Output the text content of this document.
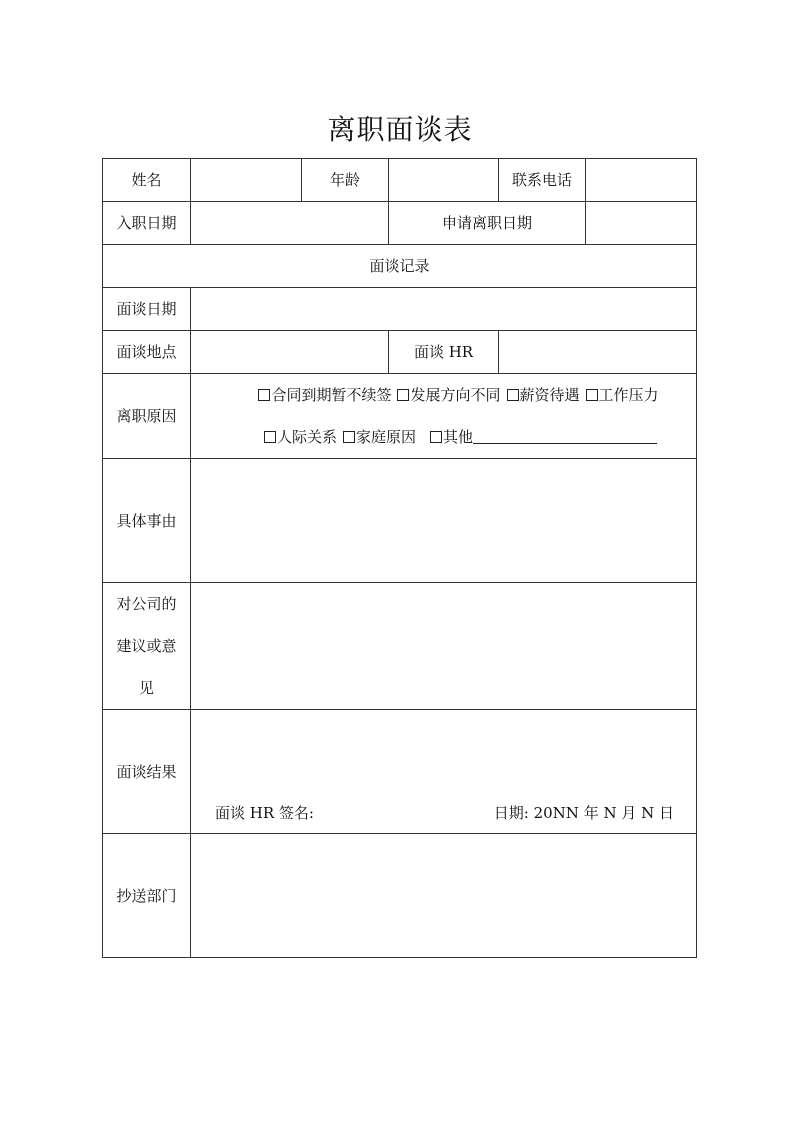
离职面谈表
姓名		年龄		联系电话	
入职日期			申请离职日期		
面谈记录					
面谈日期					
面谈地点			面谈 HR		
离职原因	合同到期暂不续签 发展方向不同 薪资待遇 工作压力
人际关系 家庭原因 其他				

具体事由					

对公司的
建议或意
见					

面谈结果	面谈 HR 签名: 日期: 20NN 年 N 月 N 日				

抄送部门					
